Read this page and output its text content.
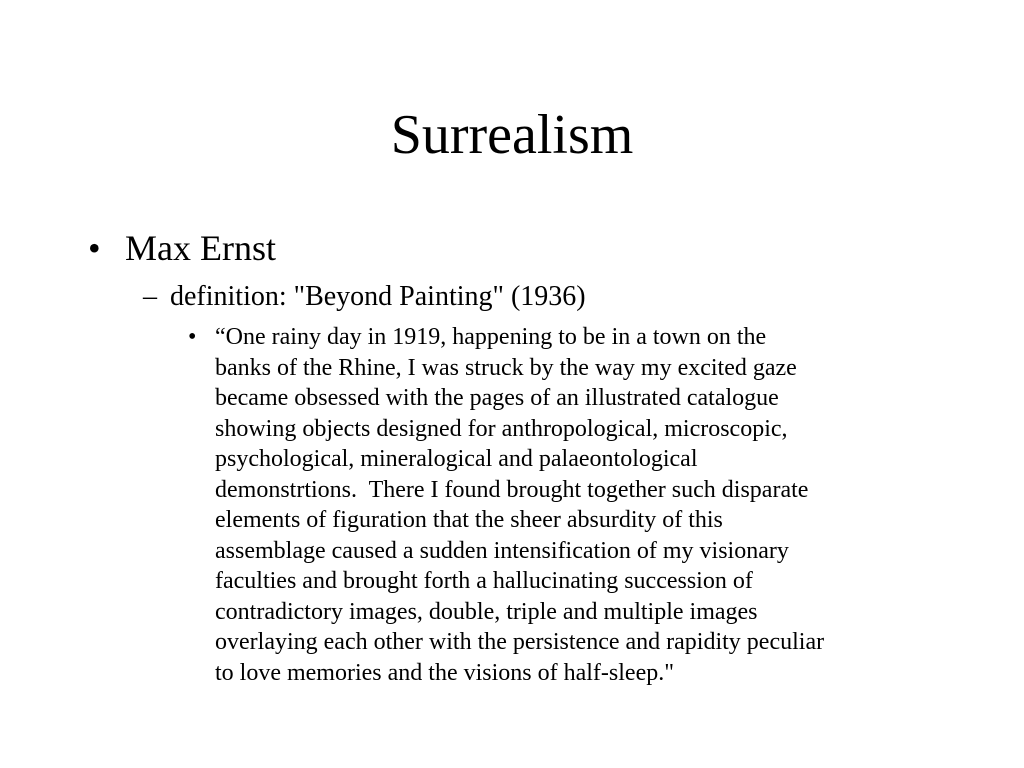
Surrealism
• Max Ernst
– definition: "Beyond Painting" (1936)
• “One rainy day in 1919, happening to be in a town on the
banks of the Rhine, I was struck by the way my excited gaze
became obsessed with the pages of an illustrated catalogue
showing objects designed for anthropological, microscopic,
psychological, mineralogical and palaeontological
demonstrtions.  There I found brought together such disparate
elements of figuration that the sheer absurdity of this
assemblage caused a sudden intensification of my visionary
faculties and brought forth a hallucinating succession of
contradictory images, double, triple and multiple images
overlaying each other with the persistence and rapidity peculiar
to love memories and the visions of half-sleep."
